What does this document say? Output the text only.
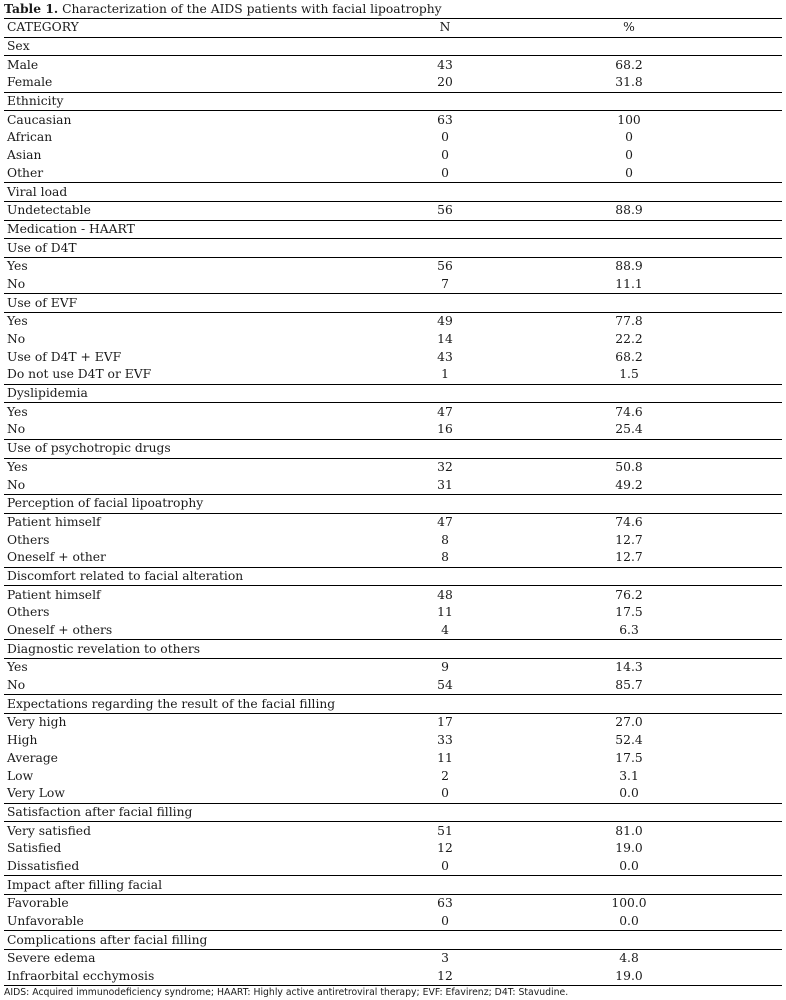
Table 1. Characterization of the AIDS patients with facial lipoatrophy
CATEGORY	N	%
Sex		
Male	43	68.2
Female	20	31.8
Ethnicity		
Caucasian	63	100
African	0	0
Asian	0	0
Other	0	0
Viral load		
Undetectable	56	88.9
Medication - HAART		
Use of D4T		
Yes	56	88.9
No	7	11.1
Use of EVF		
Yes	49	77.8
No	14	22.2
Use of D4T + EVF	43	68.2
Do not use D4T or EVF	1	1.5
Dyslipidemia		
Yes	47	74.6
No	16	25.4
Use of psychotropic drugs		
Yes	32	50.8
No	31	49.2
Perception of facial lipoatrophy		
Patient himself	47	74.6
Others	8	12.7
Oneself + other	8	12.7
Discomfort related to facial alteration		
Patient himself	48	76.2
Others	11	17.5
Oneself + others	4	6.3
Diagnostic revelation to others		
Yes	9	14.3
No	54	85.7
Expectations regarding the result of the facial filling		
Very high	17	27.0
High	33	52.4
Average	11	17.5
Low	2	3.1
Very Low	0	0.0
Satisfaction after facial filling		
Very satisfied	51	81.0
Satisfied	12	19.0
Dissatisfied	0	0.0
Impact after filling facial		
Favorable	63	100.0
Unfavorable	0	0.0
Complications after facial filling		
Severe edema	3	4.8
Infraorbital ecchymosis	12	19.0
AIDS: Acquired immunodeficiency syndrome; HAART: Highly active antiretroviral therapy; EVF: Efavirenz; D4T: Stavudine.
